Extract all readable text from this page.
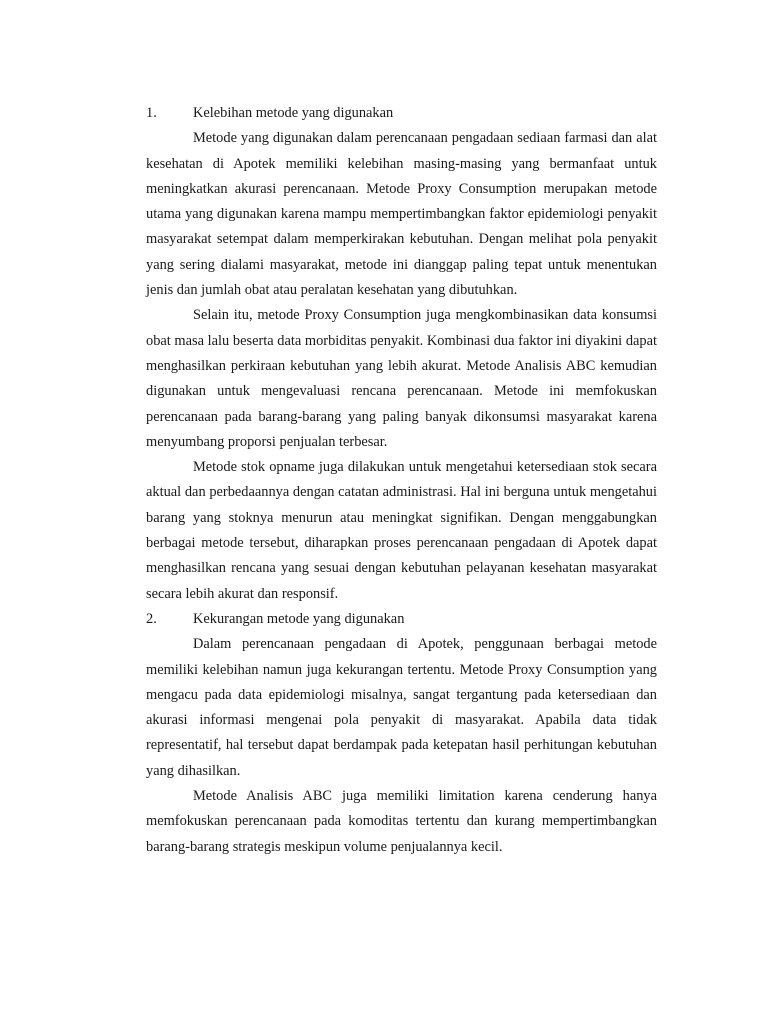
1.	Kelebihan metode yang digunakan

Metode yang digunakan dalam perencanaan pengadaan sediaan farmasi dan alat kesehatan di Apotek memiliki kelebihan masing-masing yang bermanfaat untuk meningkatkan akurasi perencanaan. Metode Proxy Consumption merupakan metode utama yang digunakan karena mampu mempertimbangkan faktor epidemiologi penyakit masyarakat setempat dalam memperkirakan kebutuhan. Dengan melihat pola penyakit yang sering dialami masyarakat, metode ini dianggap paling tepat untuk menentukan jenis dan jumlah obat atau peralatan kesehatan yang dibutuhkan.

Selain itu, metode Proxy Consumption juga mengkombinasikan data konsumsi obat masa lalu beserta data morbiditas penyakit. Kombinasi dua faktor ini diyakini dapat menghasilkan perkiraan kebutuhan yang lebih akurat. Metode Analisis ABC kemudian digunakan untuk mengevaluasi rencana perencanaan. Metode ini memfokuskan perencanaan pada barang-barang yang paling banyak dikonsumsi masyarakat karena menyumbang proporsi penjualan terbesar.

Metode stok opname juga dilakukan untuk mengetahui ketersediaan stok secara aktual dan perbedaannya dengan catatan administrasi. Hal ini berguna untuk mengetahui barang yang stoknya menurun atau meningkat signifikan. Dengan menggabungkan berbagai metode tersebut, diharapkan proses perencanaan pengadaan di Apotek dapat menghasilkan rencana yang sesuai dengan kebutuhan pelayanan kesehatan masyarakat secara lebih akurat dan responsif.

2.	Kekurangan metode yang digunakan

Dalam perencanaan pengadaan di Apotek, penggunaan berbagai metode memiliki kelebihan namun juga kekurangan tertentu. Metode Proxy Consumption yang mengacu pada data epidemiologi misalnya, sangat tergantung pada ketersediaan dan akurasi informasi mengenai pola penyakit di masyarakat. Apabila data tidak representatif, hal tersebut dapat berdampak pada ketepatan hasil perhitungan kebutuhan yang dihasilkan.

Metode Analisis ABC juga memiliki limitation karena cenderung hanya memfokuskan perencanaan pada komoditas tertentu dan kurang mempertimbangkan barang-barang strategis meskipun volume penjualannya kecil.
